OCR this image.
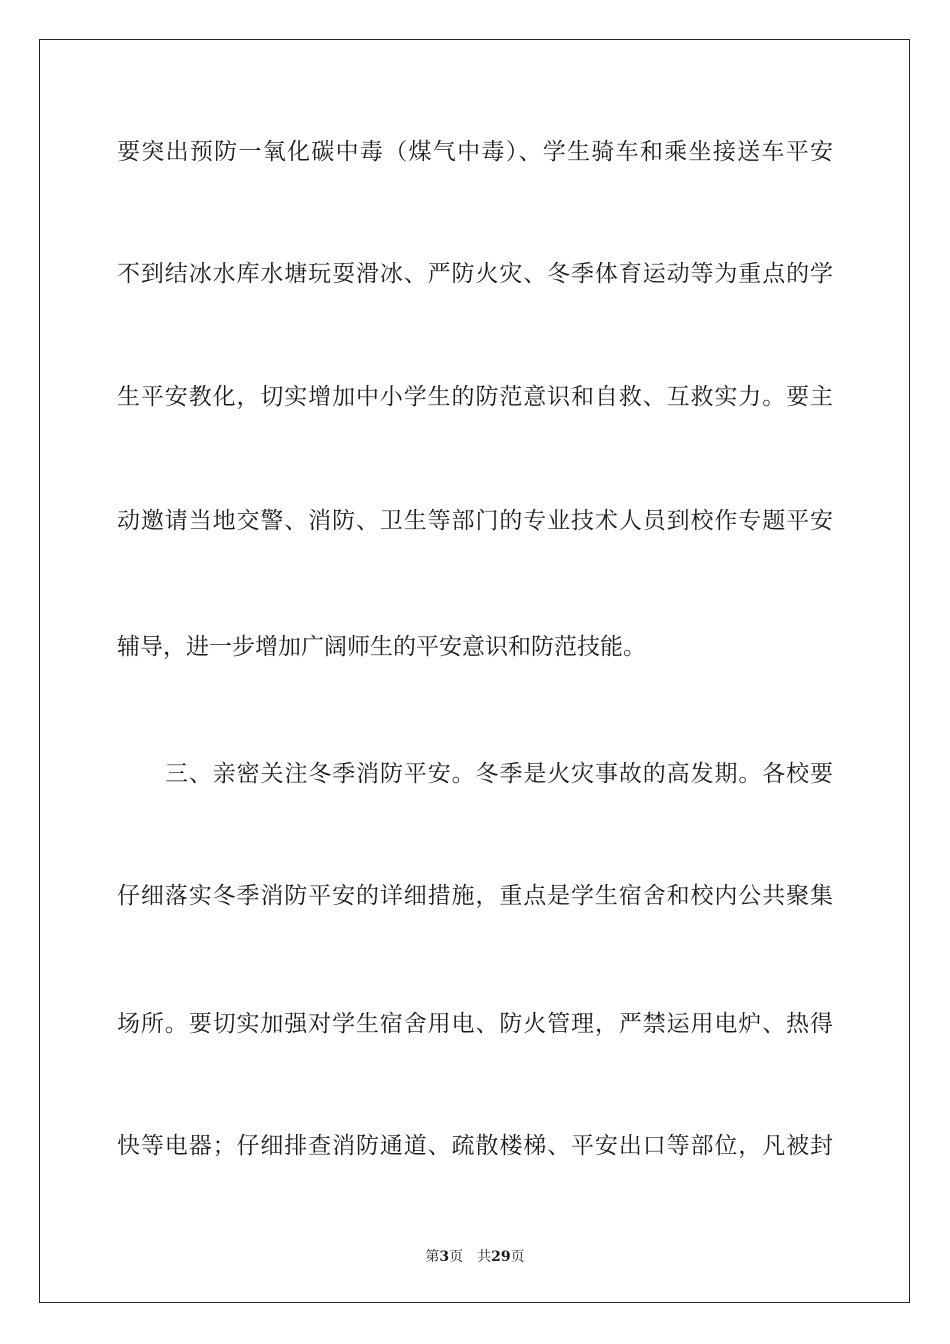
要突出预防一氧化碳中毒（煤气中毒）、学生骑车和乘坐接送车平安
不到结冰水库水塘玩耍滑冰、严防火灾、冬季体育运动等为重点的学
生平安教化，切实增加中小学生的防范意识和自救、互救实力。要主
动邀请当地交警、消防、卫生等部门的专业技术人员到校作专题平安
辅导，进一步增加广阔师生的平安意识和防范技能。
三、亲密关注冬季消防平安。冬季是火灾事故的高发期。各校要
仔细落实冬季消防平安的详细措施，重点是学生宿舍和校内公共聚集
场所。要切实加强对学生宿舍用电、防火管理，严禁运用电炉、热得
快等电器；仔细排查消防通道、疏散楼梯、平安出口等部位，凡被封
第3页 共29页
